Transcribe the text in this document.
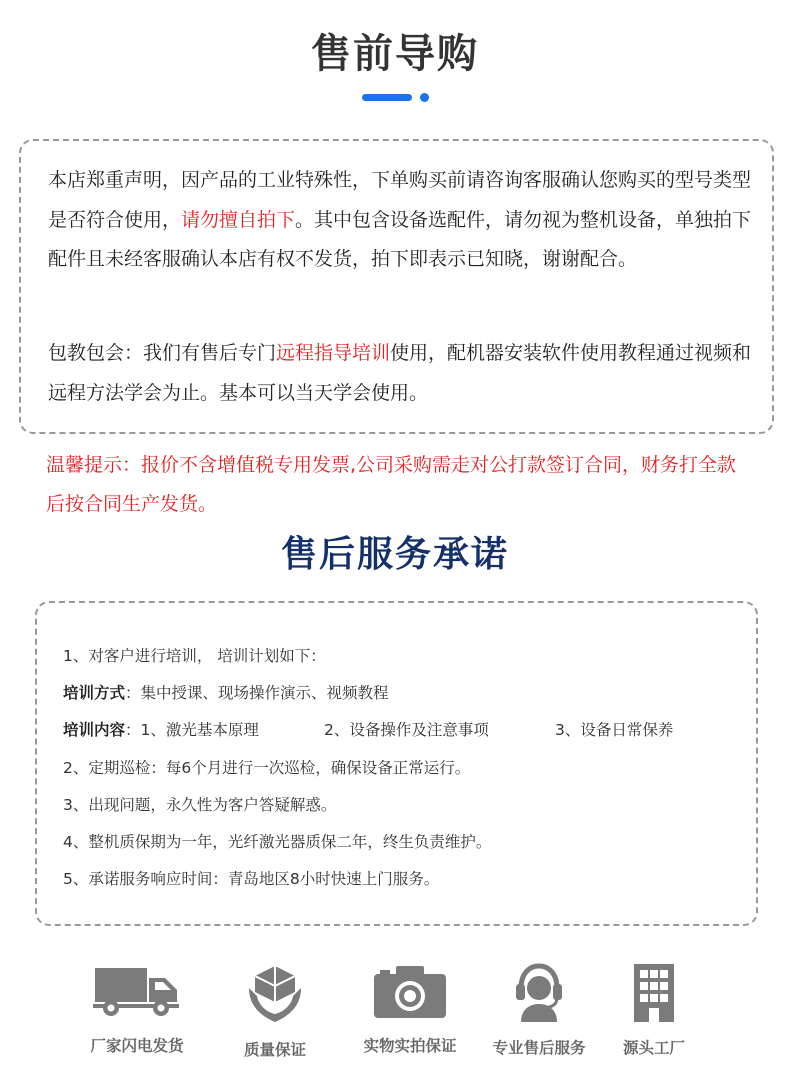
售前导购

本店郑重声明，因产品的工业特殊性，下单购买前请咨询客服确认您购买的型号类型是否符合使用，请勿擅自拍下。其中包含设备选配件，请勿视为整机设备，单独拍下配件且未经客服确认本店有权不发货，拍下即表示已知晓，谢谢配合。

包教包会：我们有售后专门远程指导培训使用，配机器安装软件使用教程通过视频和远程方法学会为止。基本可以当天学会使用。

温馨提示：报价不含增值税专用发票,公司采购需走对公打款签订合同，财务打全款后按合同生产发货。
售后服务承诺
1、对客户进行培训， 培训计划如下：
培训方式：集中授课、现场操作演示、视频教程
培训内容：1、激光基本原理	2、设备操作及注意事项	3、设备日常保养
2、定期巡检：每6个月进行一次巡检，确保设备正常运行。
3、出现问题，永久性为客户答疑解惑。
4、整机质保期为一年，光纤激光器质保二年，终生负责维护。
5、承诺服务响应时间：青岛地区8小时快速上门服务。
厂家闪电发货	质量保证	实物实拍保证	专业售后服务	源头工厂
